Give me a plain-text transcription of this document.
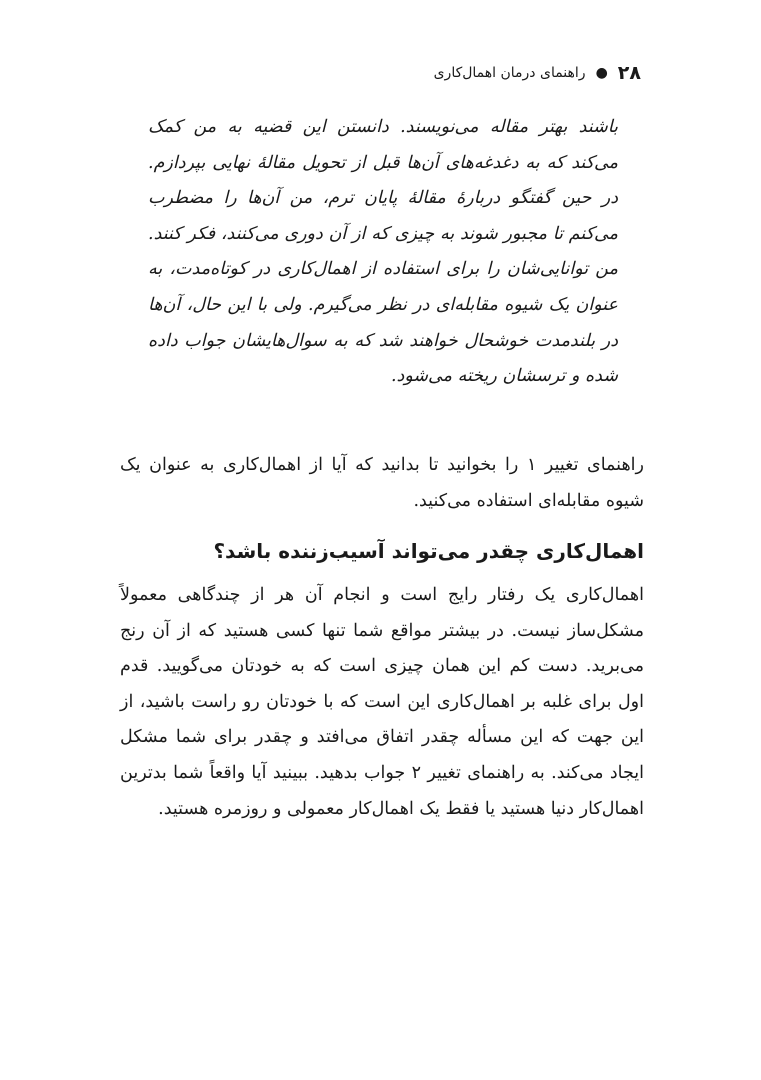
۲۸
●
راهنمای درمان اهمال‌کاری
باشند بهتر مقاله می‌نویسند. دانستن این قضیه به من کمک می‌کند که به دغدغه‌های آن‌ها قبل از تحویل مقالهٔ نهایی بپردازم. در حین گفتگو دربارهٔ مقالهٔ پایان ترم، من آن‌ها را مضطرب می‌کنم تا مجبور شوند به چیزی که از آن دوری می‌کنند، فکر کنند. من توانایی‌شان را برای استفاده از اهمال‌کاری در کوتاه‌مدت، به عنوان یک شیوه مقابله‌ای در نظر می‌گیرم. ولی با این حال، آن‌ها در بلندمدت خوشحال خواهند شد که به سوال‌هایشان جواب داده شده و ترسشان ریخته می‌شود.
راهنمای تغییر ۱ را بخوانید تا بدانید که آیا از اهمال‌کاری به عنوان یک شیوه مقابله‌ای استفاده می‌کنید.
اهمال‌کاری چقدر می‌تواند آسیب‌زننده باشد؟
اهمال‌کاری یک رفتار رایج است و انجام آن هر از چندگاهی معمولاً مشکل‌ساز نیست. در بیشتر مواقع شما تنها کسی هستید که از آن رنج می‌برید. دست کم این همان چیزی است که به خودتان می‌گویید. قدم اول برای غلبه بر اهمال‌کاری این است که با خودتان رو راست باشید، از این جهت که این مسأله چقدر اتفاق می‌افتد و چقدر برای شما مشکل ایجاد می‌کند. به راهنمای تغییر ۲ جواب بدهید. ببینید آیا واقعاً شما بدترین اهمال‌کار دنیا هستید یا فقط یک اهمال‌کار معمولی و روزمره هستید.
